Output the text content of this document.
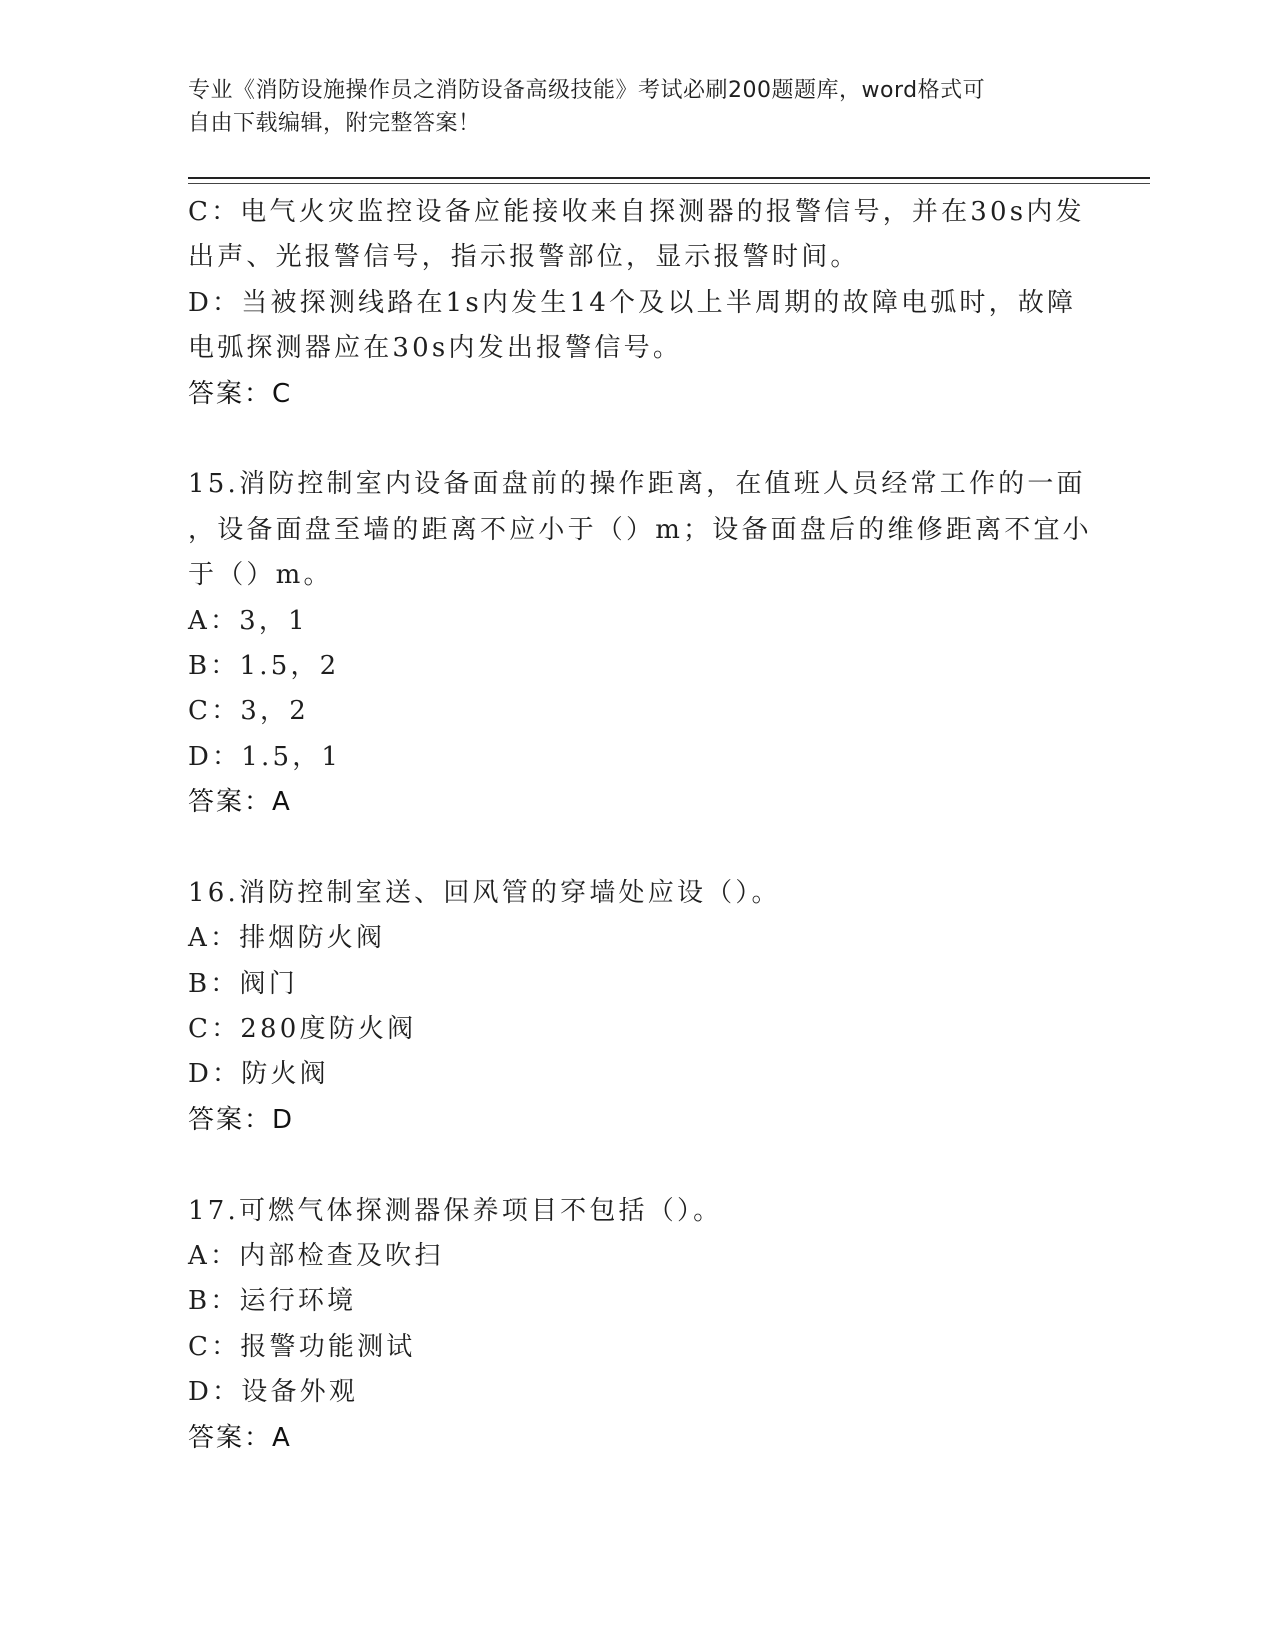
专业《消防设施操作员之消防设备高级技能》考试必刷200题题库，word格式可
自由下载编辑，附完整答案！
C：电气火灾监控设备应能接收来自探测器的报警信号，并在30s内发
出声、光报警信号，指示报警部位，显示报警时间。
D：当被探测线路在1s内发生14个及以上半周期的故障电弧时，故障
电弧探测器应在30s内发出报警信号。
答案：C
15.消防控制室内设备面盘前的操作距离，在值班人员经常工作的一面
，设备面盘至墙的距离不应小于（）m；设备面盘后的维修距离不宜小
于（）m。
A：3，1
B：1.5，2
C：3，2
D：1.5，1
答案：A
16.消防控制室送、回风管的穿墙处应设（）。
A：排烟防火阀
B：阀门
C：280度防火阀
D：防火阀
答案：D
17.可燃气体探测器保养项目不包括（）。
A：内部检查及吹扫
B：运行环境
C：报警功能测试
D：设备外观
答案：A
